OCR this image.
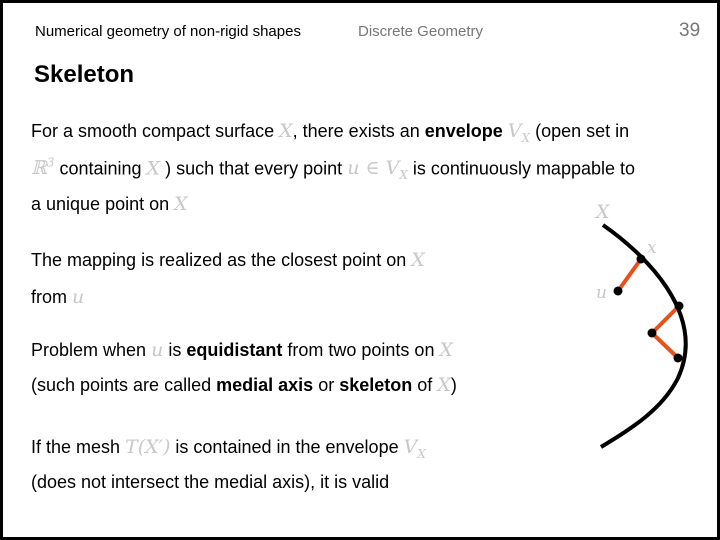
Numerical geometry of non-rigid shapes	Discrete Geometry	39
Skeleton
For a smooth compact surface X, there exists an envelope $V_X$ (open set in
ℝ$^3$ containing X ) such that every point u ∈ $V_X$ is continuously mappable to
a unique point on X
The mapping is realized as the closest point on X
from u
Problem when u is equidistant from two points on X
(such points are called medial axis or skeleton of X)
If the mesh T(X′) is contained in the envelope $V_X$
(does not intersect the medial axis), it is valid
X
x
u
